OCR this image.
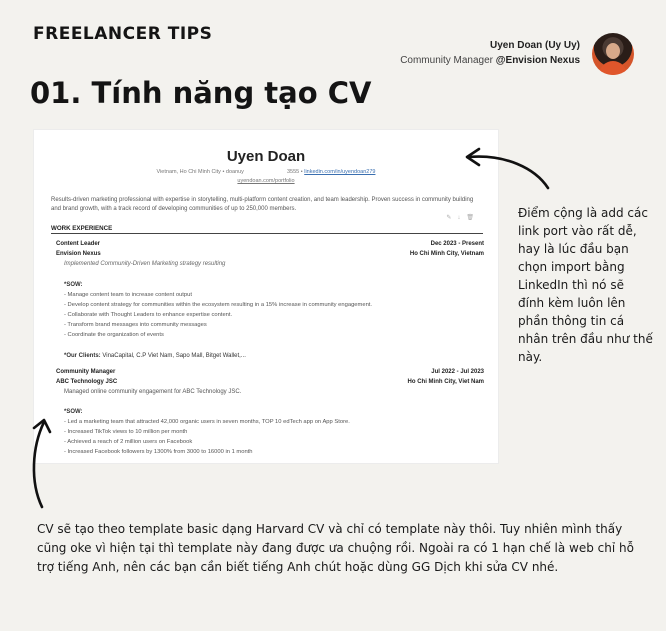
FREELANCER TIPS
Uyen Doan (Uy Uy)
Community Manager @Envision Nexus
01. Tính năng tạo CV
Uyen Doan
Vietnam, Ho Chi Minh City • doanuy	3555 • linkedin.com/in/uyendoan279
uyendoan.com/portfolio
Results-driven marketing professional with expertise in storytelling, multi-platform content creation, and team leadership. Proven success in community building and brand growth, with a track record of developing communities of up to 250,000 members.
✎↓🗑
WORK EXPERIENCE
Content Leader	Dec 2023 - Present
Envision Nexus	Ho Chi Minh City, Vietnam
Implemented Community-Driven Marketing strategy resulting
*SOW:
- Manage content team to increase content output
- Develop content strategy for communities within the ecosystem resulting in a 15% increase in community engagement.
- Collaborate with Thought Leaders to enhance expertise content.
- Transform brand messages into community messages
- Coordinate the organization of events
*Our Clients: VinaCapital, C.P Viet Nam, Sapo Mall, Bitget Wallet,...
Community Manager	Jul 2022 - Jul 2023
ABC Technology JSC	Ho Chi Minh City, Viet Nam
Managed online community engagement for ABC Technology JSC.
*SOW:
- Led a marketing team that attracted 42,000 organic users in seven months, TOP 10 edTech app on App Store.
- Increased TikTok views to 10 million per month
- Achieved a reach of 2 million users on Facebook
- Increased Facebook followers by 1300% from 3000 to 16000 in 1 month
Điểm cộng là add các link port vào rất dễ, hay là lúc đầu bạn chọn import bằng LinkedIn thì nó sẽ đính kèm luôn lên phần thông tin cá nhân trên đầu như thế này.
CV sẽ tạo theo template basic dạng Harvard CV và chỉ có template này thôi. Tuy nhiên mình thấy cũng oke vì hiện tại thì template này đang được ưa chuộng rồi. Ngoài ra có 1 hạn chế là web chỉ hỗ trợ tiếng Anh, nên các bạn cần biết tiếng Anh chút hoặc dùng GG Dịch khi sửa CV nhé.
